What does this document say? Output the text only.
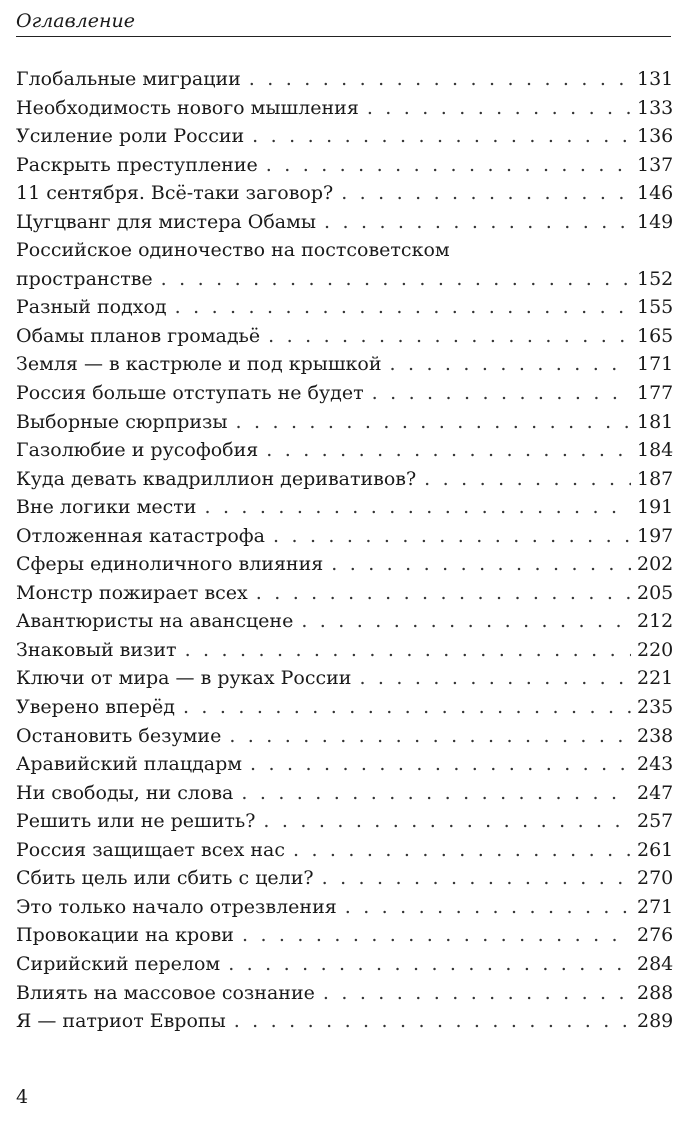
Оглавление
Глобальные миграции . . .	131
Необходимость нового мышления . . .	133
Усиление роли России . . .	136
Раскрыть преступление . . .	137
11 сентября. Всё-таки заговор? . . .	146
Цугцванг для мистера Обамы . . .	149
Российское одиночество на постсоветском
пространстве . . .	152
Разный подход . . .	155
Обамы планов громадьё . . .	165
Земля — в кастрюле и под крышкой . . .	171
Россия больше отступать не будет . . .	177
Выборные сюрпризы . . .	181
Газолюбие и русофобия . . .	184
Куда девать квадриллион деривативов? . . .	187
Вне логики мести . . .	191
Отложенная катастрофа . . .	197
Сферы единоличного влияния . . .	202
Монстр пожирает всех . . .	205
Авантюристы на авансцене . . .	212
Знаковый визит . . .	220
Ключи от мира — в руках России . . .	221
Уверено вперёд . . .	235
Остановить безумие . . .	238
Аравийский плацдарм . . .	243
Ни свободы, ни слова . . .	247
Решить или не решить? . . .	257
Россия защищает всех нас . . .	261
Сбить цель или сбить с цели? . . .	270
Это только начало отрезвления . . .	271
Провокации на крови . . .	276
Сирийский перелом . . .	284
Влиять на массовое сознание . . .	288
Я — патриот Европы . . .	289
4
